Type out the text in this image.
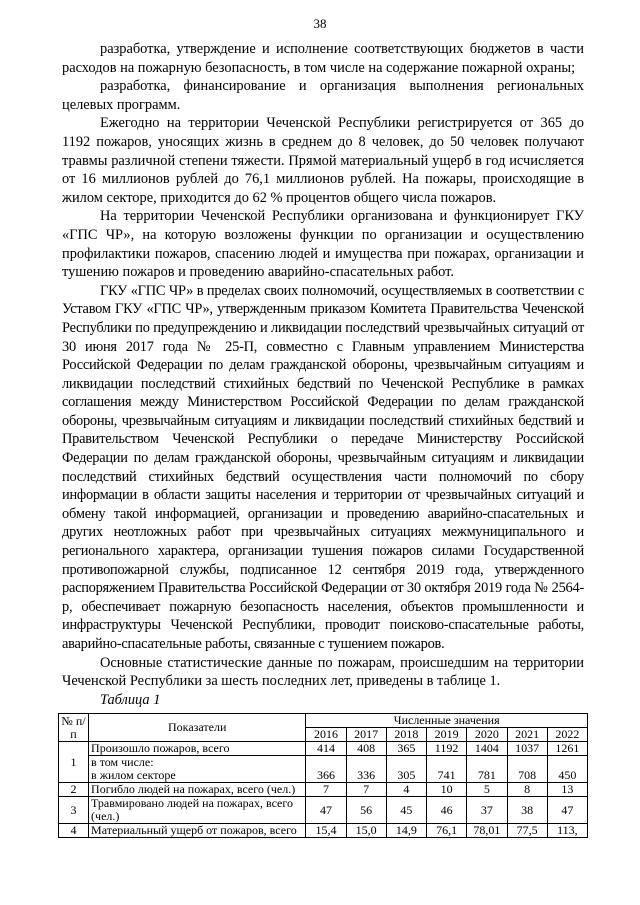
38

разработка, утверждение и исполнение соответствующих бюджетов в части расходов на пожарную безопасность, в том числе на содержание пожарной охраны;

разработка, финансирование и организация выполнения региональных целевых программ.

Ежегодно на территории Чеченской Республики регистрируется от 365 до 1192 пожаров, уносящих жизнь в среднем до 8 человек, до 50 человек получают травмы различной степени тяжести. Прямой материальный ущерб в год исчисляется от 16 миллионов рублей до 76,1 миллионов рублей. На пожары, происходящие в жилом секторе, приходится до 62 % процентов общего числа пожаров.

На территории Чеченской Республики организована и функционирует ГКУ «ГПС ЧР», на которую возложены функции по организации и осуществлению профилактики пожаров, спасению людей и имущества при пожарах, организации и тушению пожаров и проведению аварийно-спасательных работ.

ГКУ «ГПС ЧР» в пределах своих полномочий, осуществляемых в соответствии с Уставом ГКУ «ГПС ЧР», утвержденным приказом Комитета Правительства Чеченской Республики по предупреждению и ликвидации последствий чрезвычайных ситуаций от 30 июня 2017 года № 25-П, совместно с Главным управлением Министерства Российской Федерации по делам гражданской обороны, чрезвычайным ситуациям и ликвидации последствий стихийных бедствий по Чеченской Республике в рамках соглашения между Министерством Российской Федерации по делам гражданской обороны, чрезвычайным ситуациям и ликвидации последствий стихийных бедствий и Правительством Чеченской Республики о передаче Министерству Российской Федерации по делам гражданской обороны, чрезвычайным ситуациям и ликвидации последствий стихийных бедствий осуществления части полномочий по сбору информации в области защиты населения и территории от чрезвычайных ситуаций и обмену такой информацией, организации и проведению аварийно-спасательных и других неотложных работ при чрезвычайных ситуациях межмуниципального и регионального характера, организации тушения пожаров силами Государственной противопожарной службы, подписанное 12 сентября 2019 года, утвержденного распоряжением Правительства Российской Федерации от 30 октября 2019 года № 2564-р, обеспечивает пожарную безопасность населения, объектов промышленности и инфраструктуры Чеченской Республики, проводит поисково-спасательные работы, аварийно-спасательные работы, связанные с тушением пожаров.

Основные статистические данные по пожарам, происшедшим на территории Чеченской Республики за шесть последних лет, приведены в таблице 1.

Таблица 1

№ п/п	Показатели	Численные значения						
		2016	2017	2018	2019	2020	2021	2022
1	Произошло пожаров, всего	414	408	365	1192	1404	1037	1261
	в том числе:							
	в жилом секторе	366	336	305	741	781	708	450
2	Погибло людей на пожарах, всего (чел.)	7	7	4	10	5	8	13
3	Травмировано людей на пожарах, всего (чел.)	47	56	45	46	37	38	47
4	Материальный ущерб от пожаров, всего	15,4	15,0	14,9	76,1	78,01	77,5	113,
